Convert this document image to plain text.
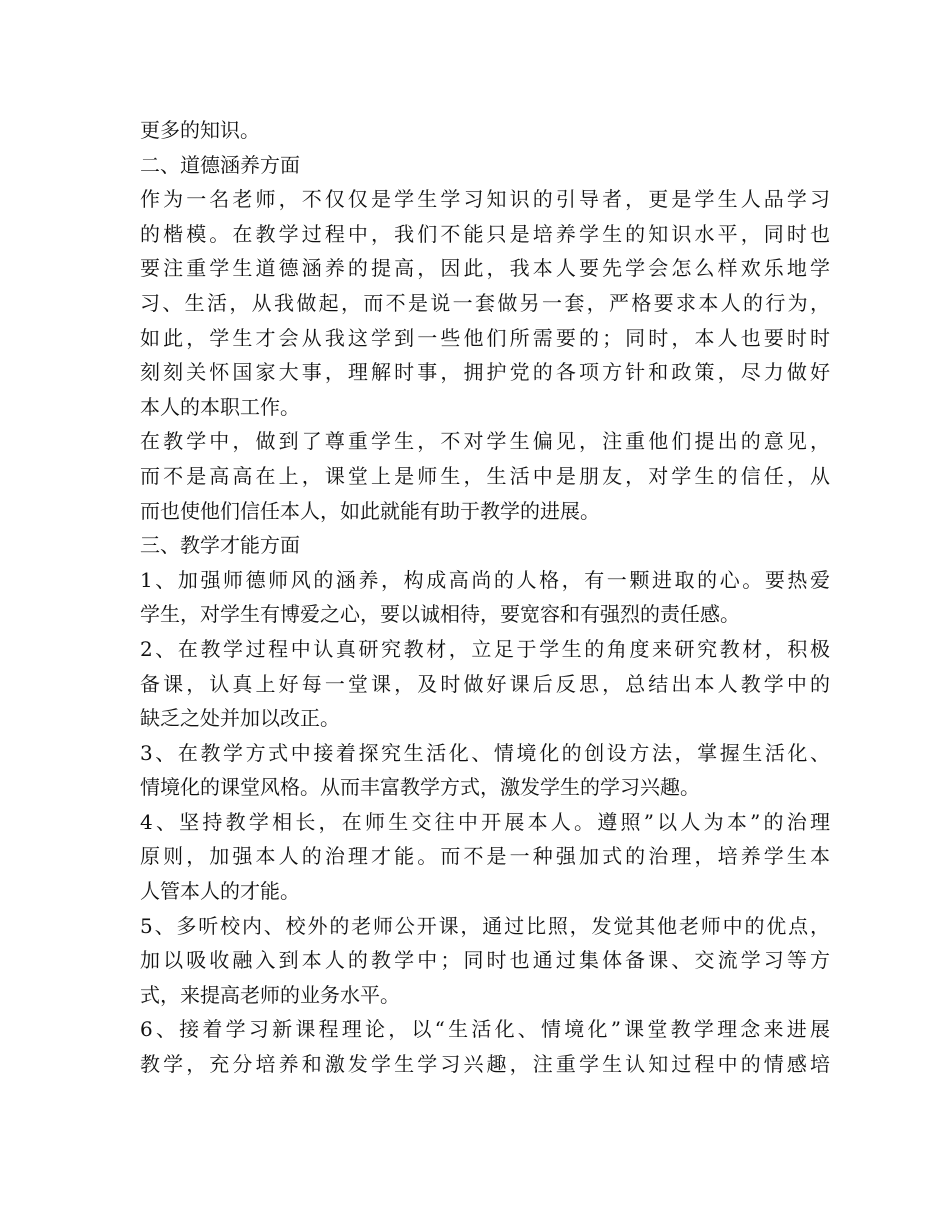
更多的知识。
二、道德涵养方面
作为一名老师，不仅仅是学生学习知识的引导者，更是学生人品学习
的楷模。在教学过程中，我们不能只是培养学生的知识水平，同时也
要注重学生道德涵养的提高，因此，我本人要先学会怎么样欢乐地学
习、生活，从我做起，而不是说一套做另一套，严格要求本人的行为，
如此，学生才会从我这学到一些他们所需要的；同时，本人也要时时
刻刻关怀国家大事，理解时事，拥护党的各项方针和政策，尽力做好
本人的本职工作。
在教学中，做到了尊重学生，不对学生偏见，注重他们提出的意见，
而不是高高在上，课堂上是师生，生活中是朋友，对学生的信任，从
而也使他们信任本人，如此就能有助于教学的进展。
三、教学才能方面
1、加强师德师风的涵养，构成高尚的人格，有一颗进取的心。要热爱
学生，对学生有博爱之心，要以诚相待，要宽容和有强烈的责任感。
2、在教学过程中认真研究教材，立足于学生的角度来研究教材，积极
备课，认真上好每一堂课，及时做好课后反思，总结出本人教学中的
缺乏之处并加以改正。
3、在教学方式中接着探究生活化、情境化的创设方法，掌握生活化、
情境化的课堂风格。从而丰富教学方式，激发学生的学习兴趣。
4、坚持教学相长，在师生交往中开展本人。遵照”以人为本”的治理
原则，加强本人的治理才能。而不是一种强加式的治理，培养学生本
人管本人的才能。
5、多听校内、校外的老师公开课，通过比照，发觉其他老师中的优点，
加以吸收融入到本人的教学中；同时也通过集体备课、交流学习等方
式，来提高老师的业务水平。
6、接着学习新课程理论，以“生活化、情境化”课堂教学理念来进展
教学，充分培养和激发学生学习兴趣，注重学生认知过程中的情感培
